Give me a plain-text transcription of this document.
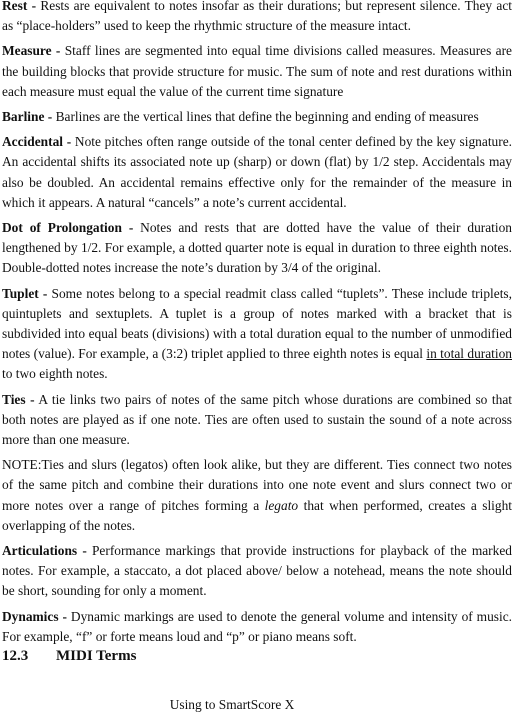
Rest - Rests are equivalent to notes insofar as their durations; but represent silence. They act as “place-holders” used to keep the rhythmic structure of the measure intact.

Measure - Staff lines are segmented into equal time divisions called measures. Measures are the building blocks that provide structure for music. The sum of note and rest durations within each measure must equal the value of the current time signature

Barline - Barlines are the vertical lines that define the beginning and ending of measures

Accidental - Note pitches often range outside of the tonal center defined by the key signature. An accidental shifts its associated note up (sharp) or down (flat) by 1/2 step. Accidentals may also be doubled. An accidental remains effective only for the remainder of the measure in which it appears. A natural “cancels” a note’s current accidental.

Dot of Prolongation - Notes and rests that are dotted have the value of their duration lengthened by 1/2. For example, a dotted quarter note is equal in duration to three eighth notes. Double-dotted notes increase the note’s duration by 3/4 of the original.

Tuplet - Some notes belong to a special readmit class called “tuplets”. These include triplets, quintuplets and sextuplets. A tuplet is a group of notes marked with a bracket that is subdivided into equal beats (divisions) with a total duration equal to the number of unmodified notes (value). For example, a (3:2) triplet applied to three eighth notes is equal in total duration to two eighth notes.

Ties - A tie links two pairs of notes of the same pitch whose durations are combined so that both notes are played as if one note. Ties are often used to sustain the sound of a note across more than one measure.

NOTE:Ties and slurs (legatos) often look alike, but they are different. Ties connect two notes of the same pitch and combine their durations into one note event and slurs connect two or more notes over a range of pitches forming a legato that when performed, creates a slight overlapping of the notes.

Articulations - Performance markings that provide instructions for playback of the marked notes. For example, a staccato, a dot placed above/ below a notehead, means the note should be short, sounding for only a moment.

Dynamics - Dynamic markings are used to denote the general volume and intensity of music. For example, “f” or forte means loud and “p” or piano means soft.

12.3 MIDI Terms
Using to SmartScore X
